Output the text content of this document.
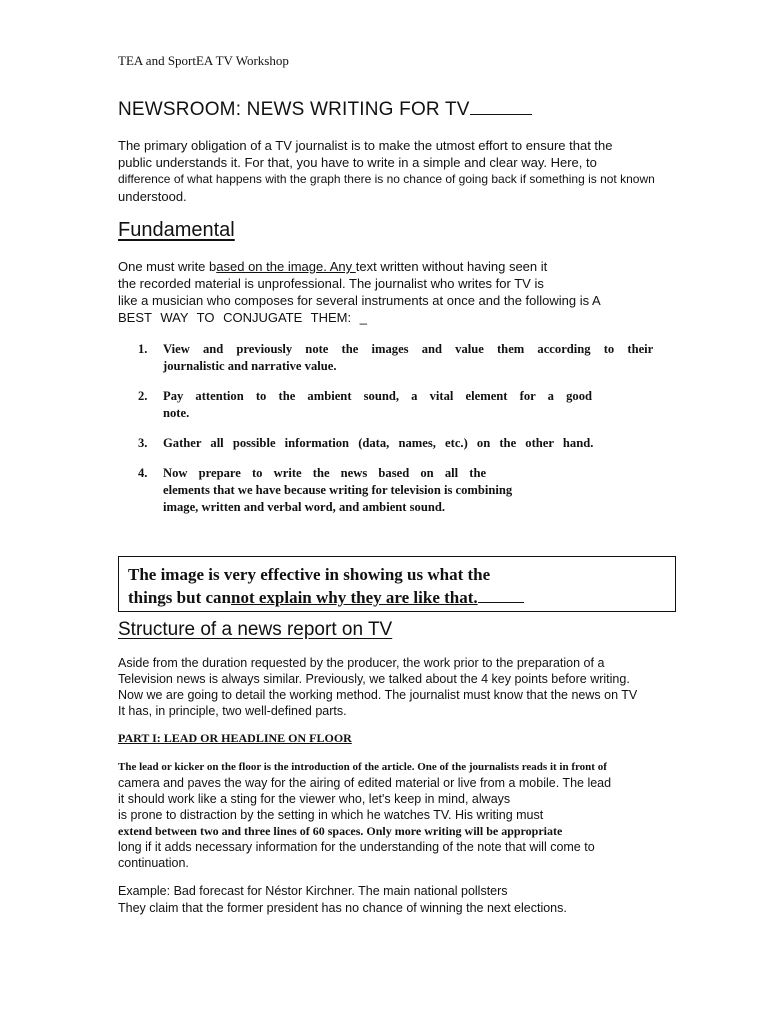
TEA and SportEA TV Workshop
NEWSROOM: NEWS WRITING FOR TV
The primary obligation of a TV journalist is to make the utmost effort to ensure that the
public understands it. For that, you have to write in a simple and clear way. Here, to
difference of what happens with the graph there is no chance of going back if something is not known
understood.
Fundamental
One must write based on the image. Any text written without having seen it
the recorded material is unprofessional. The journalist who writes for TV is
like a musician who composes for several instruments at once and the following is A
BEST WAY TO CONJUGATE THEM: _
1.	View and previously note the images and value them according to their
journalistic and narrative value.
2.	Pay attention to the ambient sound, a vital element for a good
note.
3.	Gather all possible information (data, names, etc.) on the other hand.
4.	Now prepare to write the news based on all the
elements that we have because writing for television is combining
image, written and verbal word, and ambient sound.
The image is very effective in showing us what the
things but cannot explain why they are like that.
Structure of a news report on TV
Aside from the duration requested by the producer, the work prior to the preparation of a
Television news is always similar. Previously, we talked about the 4 key points before writing.
Now we are going to detail the working method. The journalist must know that the news on TV
It has, in principle, two well-defined parts.
PART I: LEAD OR HEADLINE ON FLOOR
The lead or kicker on the floor is the introduction of the article. One of the journalists reads it in front of
camera and paves the way for the airing of edited material or live from a mobile. The lead
it should work like a sting for the viewer who, let's keep in mind, always
is prone to distraction by the setting in which he watches TV. His writing must
extend between two and three lines of 60 spaces. Only more writing will be appropriate
long if it adds necessary information for the understanding of the note that will come to
continuation.
Example: Bad forecast for Néstor Kirchner. The main national pollsters
They claim that the former president has no chance of winning the next elections.
